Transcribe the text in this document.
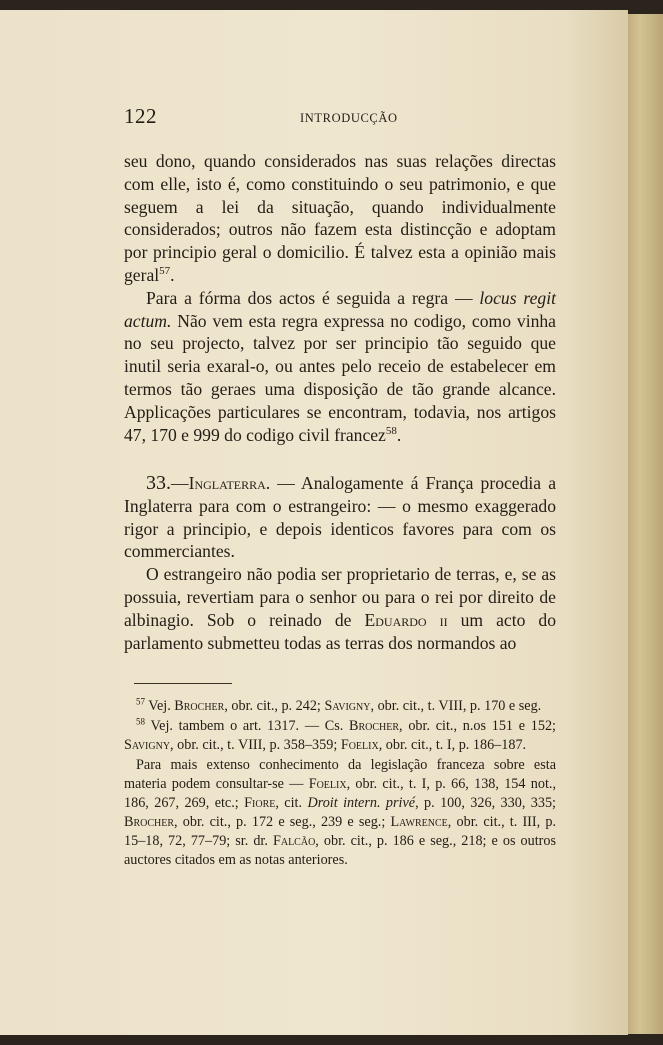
122	INTRODUCÇÃO

seu dono, quando considerados nas suas relações directas com elle, isto é, como constituindo o seu patrimonio, e que seguem a lei da situação, quando individualmente considerados; outros não fazem esta distincção e adoptam por principio geral o domicilio. É talvez esta a opinião mais geral$^{57}$.

Para a fórma dos actos é seguida a regra — locus regit actum. Não vem esta regra expressa no codigo, como vinha no seu projecto, talvez por ser principio tão seguido que inutil seria exaral-o, ou antes pelo receio de estabelecer em termos tão geraes uma disposição de tão grande alcance. Applicações particulares se encontram, todavia, nos artigos 47, 170 e 999 do codigo civil francez$^{58}$.

33.—Inglaterra. — Analogamente á França procedia a Inglaterra para com o estrangeiro: — o mesmo exaggerado rigor a principio, e depois identicos favores para com os commerciantes.

O estrangeiro não podia ser proprietario de terras, e, se as possuia, revertiam para o senhor ou para o rei por direito de albinagio. Sob o reinado de Eduardo ii um acto do parlamento submetteu todas as terras dos normandos ao

$^{57}$ Vej. Brocher, obr. cit., p. 242; Savigny, obr. cit., t. VIII, p. 170 e seg.

$^{58}$ Vej. tambem o art. 1317. — Cs. Brocher, obr. cit., n.os 151 e 152; Savigny, obr. cit., t. VIII, p. 358–359; Foelix, obr. cit., t. I, p. 186–187.

Para mais extenso conhecimento da legislação franceza sobre esta materia podem consultar-se — Foelix, obr. cit., t. I, p. 66, 138, 154 not., 186, 267, 269, etc.; Fiore, cit. Droit intern. privé, p. 100, 326, 330, 335; Brocher, obr. cit., p. 172 e seg., 239 e seg.; Lawrence, obr. cit., t. III, p. 15–18, 72, 77–79; sr. dr. Falcão, obr. cit., p. 186 e seg., 218; e os outros auctores citados em as notas anteriores.
